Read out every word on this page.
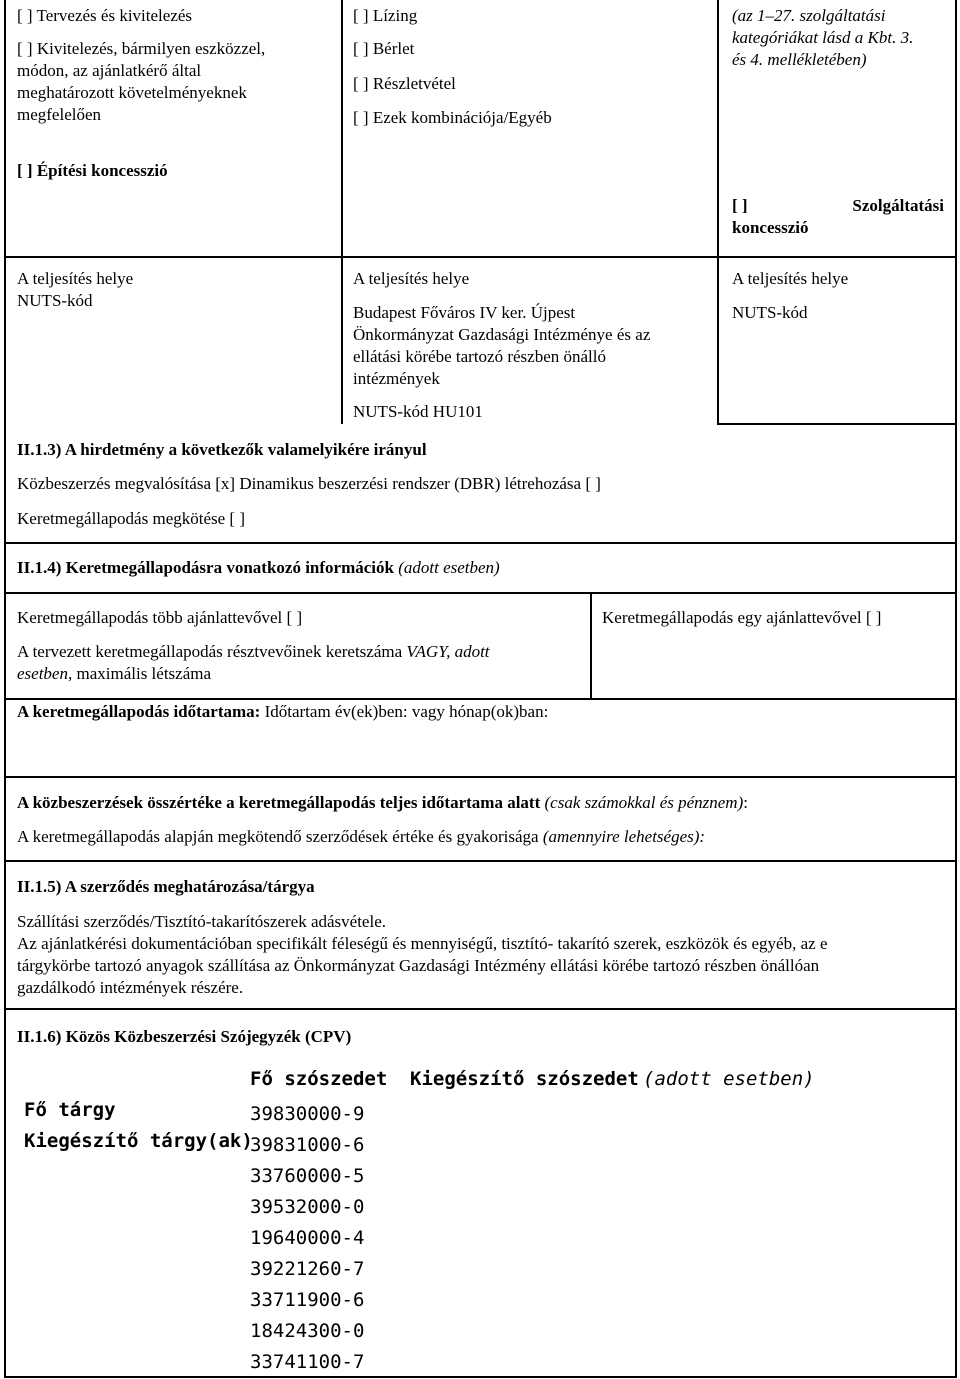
[ ] Tervezés és kivitelezés
[ ] Kivitelezés, bármilyen eszközzel,
módon, az ajánlatkérő által
meghatározott követelményeknek
megfelelően
[ ] Lízing
[ ] Bérlet
[ ] Részletvétel
[ ] Ezek kombinációja/Egyéb
(az 1–27. szolgáltatási
kategóriákat lásd a Kbt. 3.
és 4. mellékletében)
[ ] Építési koncesszió
[ ]	Szolgáltatási
koncesszió
A teljesítés helye
NUTS-kód
A teljesítés helye
Budapest Főváros IV ker. Újpest
Önkormányzat Gazdasági Intézménye és az
ellátási körébe tartozó részben önálló
intézmények
NUTS-kód HU101
A teljesítés helye
NUTS-kód
II.1.3) A hirdetmény a következők valamelyikére irányul
Közbeszerzés megvalósítása [x] Dinamikus beszerzési rendszer (DBR) létrehozása [ ]
Keretmegállapodás megkötése [ ]
II.1.4) Keretmegállapodásra vonatkozó információk (adott esetben)
Keretmegállapodás több ajánlattevővel [ ]
A tervezett keretmegállapodás résztvevőinek keretszáma VAGY, adott
esetben, maximális létszáma
Keretmegállapodás egy ajánlattevővel [ ]
A keretmegállapodás időtartama: Időtartam év(ek)ben: vagy hónap(ok)ban:
A közbeszerzések összértéke a keretmegállapodás teljes időtartama alatt (csak számokkal és pénznem):
A keretmegállapodás alapján megkötendő szerződések értéke és gyakorisága (amennyire lehetséges):
II.1.5) A szerződés meghatározása/tárgya
Szállítási szerződés/Tisztító-takarítószerek adásvétele.
Az ajánlatkérési dokumentációban specifikált féleségű és mennyiségű, tisztító- takarító szerek, eszközök és egyéb, az e
tárgykörbe tartozó anyagok szállítása az Önkormányzat Gazdasági Intézmény ellátási körébe tartozó részben önállóan
gazdálkodó intézmények részére.
II.1.6) Közös Közbeszerzési Szójegyzék (CPV)
Fő szószedet Kiegészítő szószedet (adott esetben)
Fő tárgy
Kiegészítő tárgy(ak)
39830000-9
39831000-6
33760000-5
39532000-0
19640000-4
39221260-7
33711900-6
18424300-0
33741100-7
